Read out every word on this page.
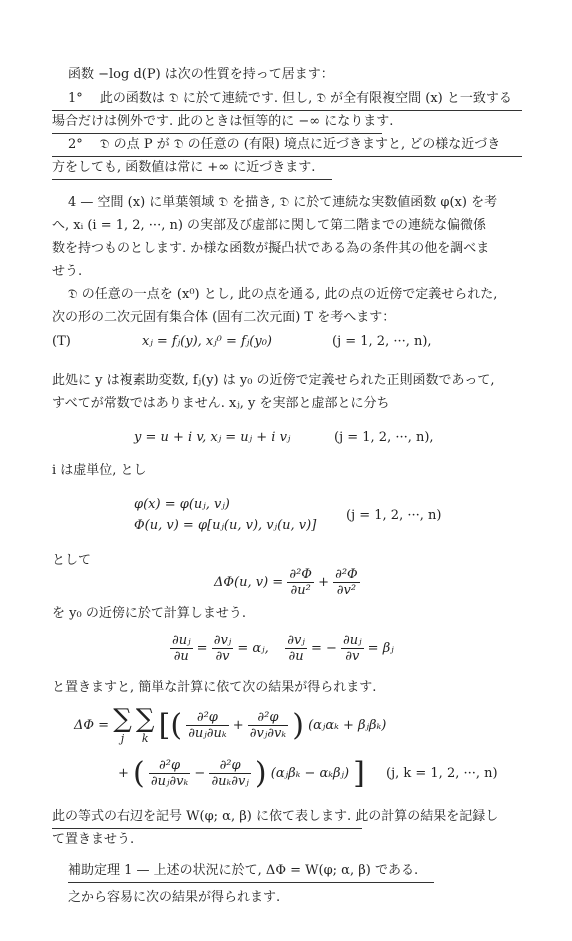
函数 −log d(P) は次の性質を持って居ます：
1°　 此の函数は 𝔇 に於て連続です. 但し, 𝔇 が全有限複空間 (x) と一致する
場合だけは例外です. 此のときは恒等的に −∞ になります.
2°　 𝔇 の点 P が 𝔇 の任意の (有限) 境点に近づきますと, どの様な近づき
方をしても, 函数値は常に +∞ に近づきます.
4 — 空間 (x) に単葉領域 𝔇 を描き, 𝔇 に於て連続な実数値函数 φ(x) を考
へ, xᵢ (i = 1, 2, ···, n) の実部及び虚部に関して第二階までの連続な偏微係
数を持つものとします. か様な函数が擬凸状である為の条件其の他を調べま
せう.
𝔇 の任意の一点を (x⁰) とし, 此の点を通る, 此の点の近傍で定義せられた,
次の形の二次元固有集合体 (固有二次元面) T を考へます：
(T)	xⱼ = fⱼ(y), xⱼ⁰ = fⱼ(y₀)	(j = 1, 2, ···, n),
此処に y は複素助変数, fⱼ(y) は y₀ の近傍で定義せられた正則函数であって,
すべてが常数ではありません. xⱼ, y を実部と虚部とに分ち
y = u + i v, xⱼ = uⱼ + i vⱼ	(j = 1, 2, ···, n),
i は虚単位, とし
φ(x) = φ(uⱼ, vⱼ)
Φ(u, v) = φ[uⱼ(u, v), vⱼ(u, v)]
(j = 1, 2, ···, n)
として
ΔΦ(u, $v) = \frac{\text{∂²Φ}}{\text{∂u²}} + \frac{\text{∂²Φ}}{\text{∂v²}}$
を y₀ の近傍に於て計算しませう.
$\frac{\text{∂uⱼ}}{\partial u} = \frac{\text{∂vⱼ}}{\partial v}$ = αⱼ, $\frac{\text{∂vⱼ}}{\partial u}$ = − $\frac{\text{∂uⱼ}}{\partial v}$ = βⱼ
と置きますと, 簡単な計算に依て次の結果が得られます.
ΔΦ = ∑
j

∑
k [( $\frac{\text{∂²φ}}{\text{∂uⱼ∂uₖ}} + \frac{\text{∂²φ}}{\text{∂vⱼ∂vₖ}}$ ) (αⱼαₖ + βⱼβₖ)
+ ( $\frac{\text{∂²φ}}{\text{∂uⱼ∂vₖ}} - \frac{\text{∂²φ}}{\text{∂uₖ∂vⱼ}}$ ) (αⱼβₖ − αₖβⱼ) ] (j, k = 1, 2, ···, n)
此の等式の右辺を記号 W(φ; α, β) に依て表します. 此の計算の結果を記録し
て置きませう.
補助定理 1 — 上述の状況に於て, ΔΦ = W(φ; α, β) である.
之から容易に次の結果が得られます.
